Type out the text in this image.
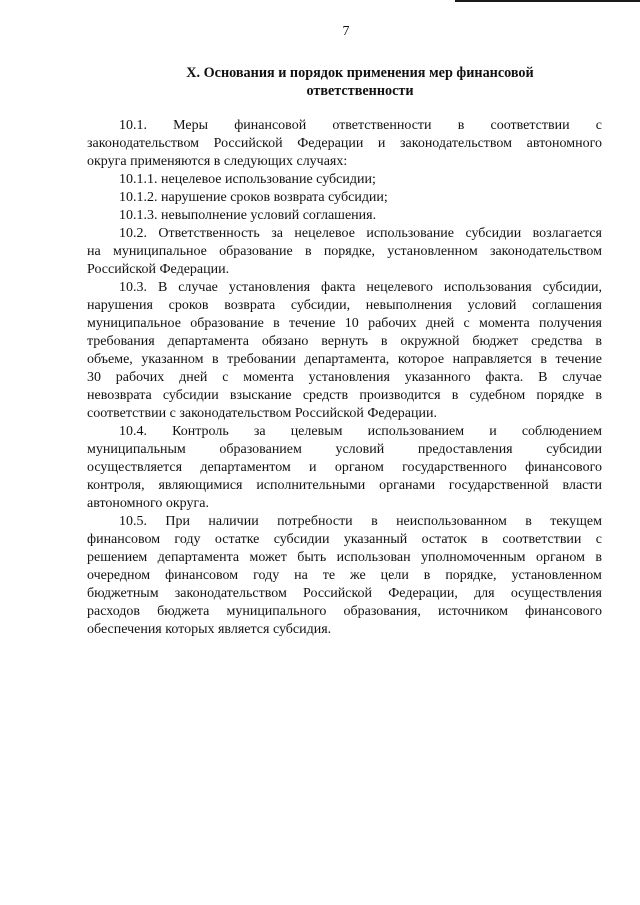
7
X. Основания и порядок применения мер финансовой
ответственности
10.1. Меры финансовой ответственности в соответствии с
законодательством Российской Федерации и законодательством автономного
округа применяются в следующих случаях:
10.1.1. нецелевое использование субсидии;
10.1.2. нарушение сроков возврата субсидии;
10.1.3. невыполнение условий соглашения.
10.2. Ответственность за нецелевое использование субсидии возлагается
на муниципальное образование в порядке, установленном законодательством
Российской Федерации.
10.3. В случае установления факта нецелевого использования субсидии,
нарушения сроков возврата субсидии, невыполнения условий соглашения
муниципальное образование в течение 10 рабочих дней с момента получения
требования департамента обязано вернуть в окружной бюджет средства в
объеме, указанном в требовании департамента, которое направляется в течение
30 рабочих дней с момента установления указанного факта. В случае
невозврата субсидии взыскание средств производится в судебном порядке в
соответствии с законодательством Российской Федерации.
10.4. Контроль за целевым использованием и соблюдением
муниципальным образованием условий предоставления субсидии
осуществляется департаментом и органом государственного финансового
контроля, являющимися исполнительными органами государственной власти
автономного округа.
10.5. При наличии потребности в неиспользованном в текущем
финансовом году остатке субсидии указанный остаток в соответствии с
решением департамента может быть использован уполномоченным органом в
очередном финансовом году на те же цели в порядке, установленном
бюджетным законодательством Российской Федерации, для осуществления
расходов бюджета муниципального образования, источником финансового
обеспечения которых является субсидия.
